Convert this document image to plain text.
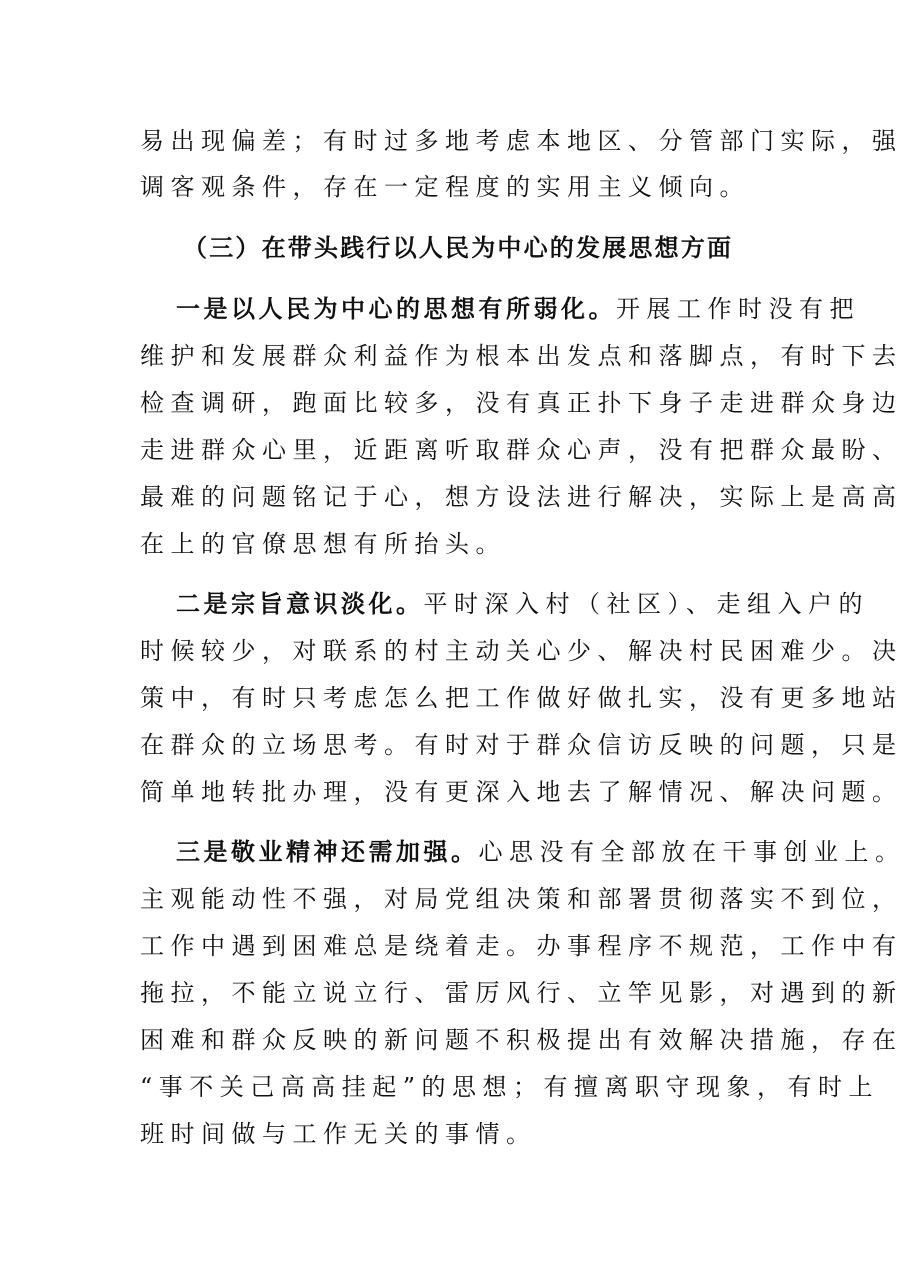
易出现偏差；有时过多地考虑本地区、分管部门实际，强
调客观条件，存在一定程度的实用主义倾向。
（三）在带头践行以人民为中心的发展思想方面
一是以人民为中心的思想有所弱化。开展工作时没有把
维护和发展群众利益作为根本出发点和落脚点，有时下去
检查调研，跑面比较多，没有真正扑下身子走进群众身边
走进群众心里，近距离听取群众心声，没有把群众最盼、
最难的问题铭记于心，想方设法进行解决，实际上是高高
在上的官僚思想有所抬头。
二是宗旨意识淡化。平时深入村（社区）、走组入户的
时候较少，对联系的村主动关心少、解决村民困难少。决
策中，有时只考虑怎么把工作做好做扎实，没有更多地站
在群众的立场思考。有时对于群众信访反映的问题，只是
简单地转批办理，没有更深入地去了解情况、解决问题。
三是敬业精神还需加强。心思没有全部放在干事创业上。
主观能动性不强，对局党组决策和部署贯彻落实不到位，
工作中遇到困难总是绕着走。办事程序不规范，工作中有
拖拉，不能立说立行、雷厉风行、立竿见影，对遇到的新
困难和群众反映的新问题不积极提出有效解决措施，存在
“事不关己高高挂起”的思想；有擅离职守现象，有时上
班时间做与工作无关的事情。
